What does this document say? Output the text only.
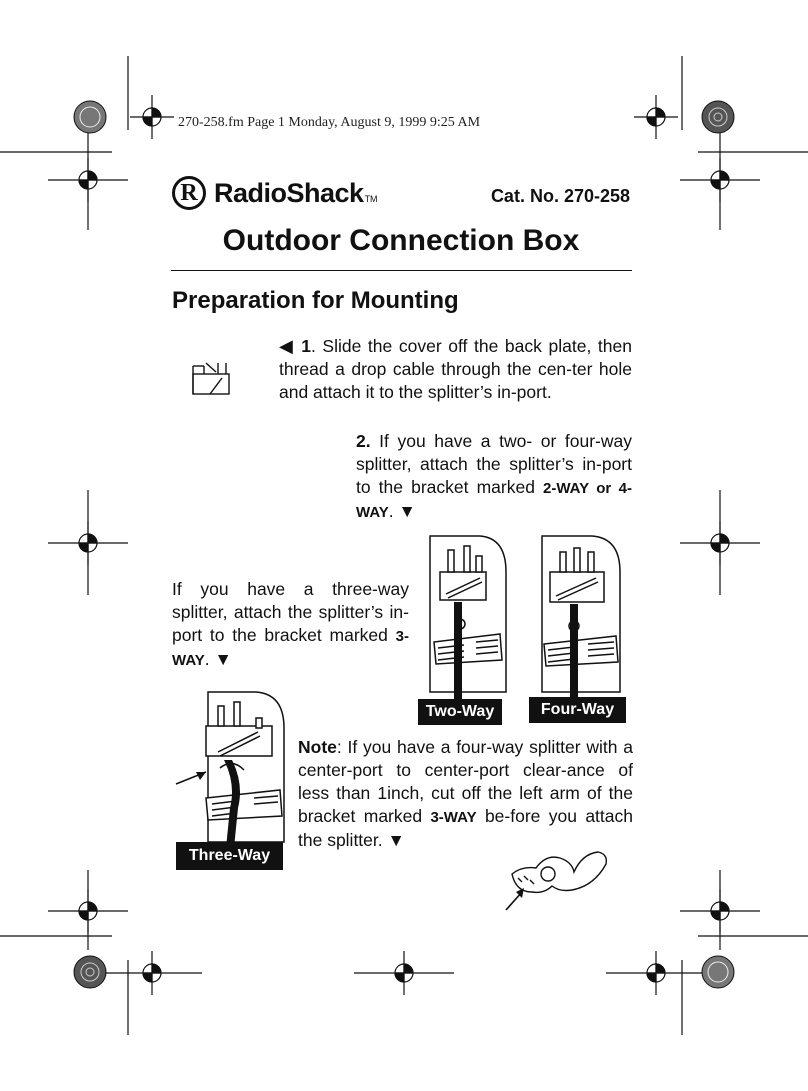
270-258.fm Page 1 Monday, August 9, 1999 9:25 AM
R RadioShack TM	Cat. No. 270-258
Outdoor Connection Box
Preparation for Mounting
◀ 1. Slide the cover off the back plate, then thread a drop cable through the cen-ter hole and attach it to the splitter’s in-port.
2. If you have a two- or four-way splitter, attach the splitter’s in-port to the bracket marked 2-WAY or 4-WAY. ▼
If you have a three-way splitter, attach the splitter’s in-port to the bracket marked 3-WAY. ▼
Two-Way	Four-Way
Three-Way
Note: If you have a four-way splitter with a center-port to center-port clear-ance of less than 1inch, cut off the left arm of the bracket marked 3-WAY be-fore you attach the splitter. ▼
